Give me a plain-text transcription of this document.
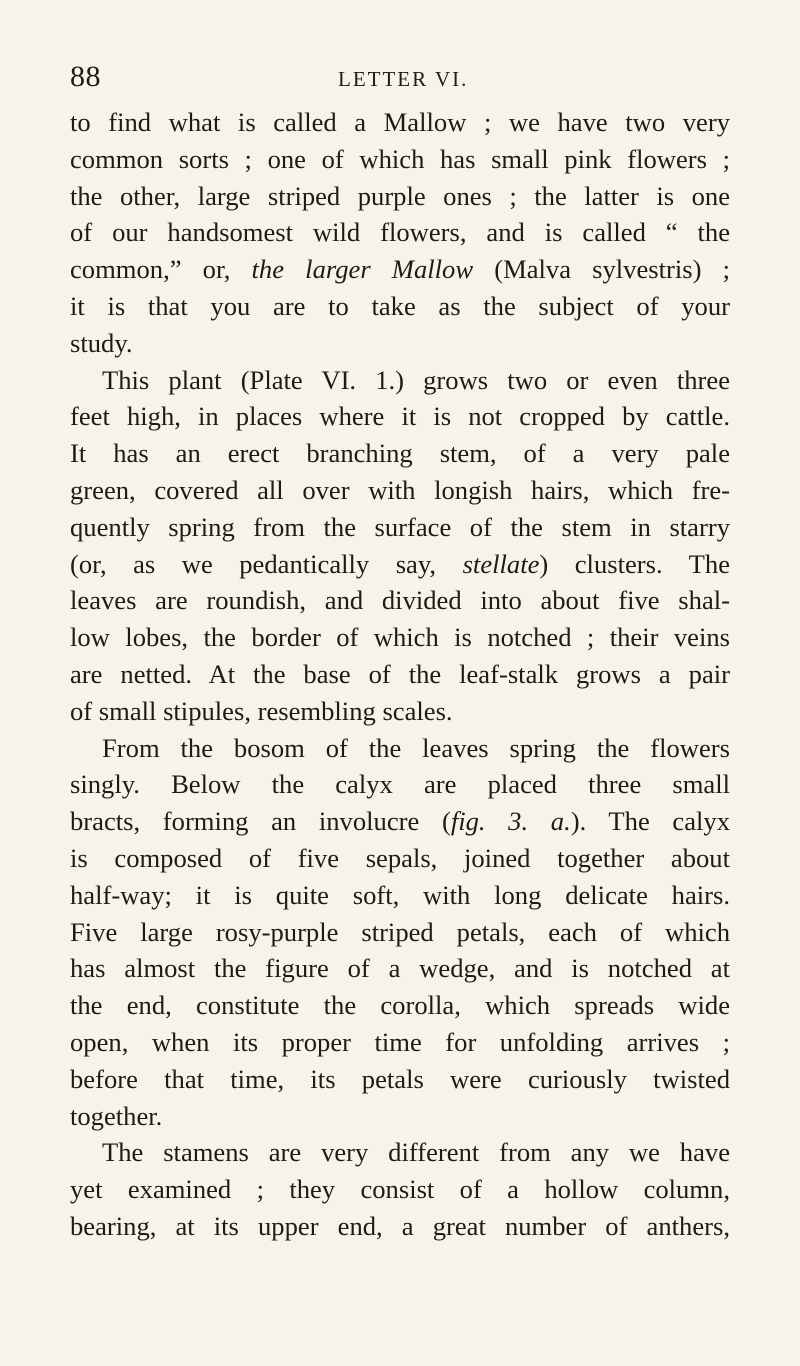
88	LETTER VI.
to find what is called a Mallow ; we have two very
common sorts ; one of which has small pink flowers ;
the other, large striped purple ones ; the latter is one
of our handsomest wild flowers, and is called “ the
common,” or, the larger Mallow (Malva sylvestris) ;
it is that you are to take as the subject of your
study.
This plant (Plate VI. 1.) grows two or even three
feet high, in places where it is not cropped by cattle.
It has an erect branching stem, of a very pale
green, covered all over with longish hairs, which fre-
quently spring from the surface of the stem in starry
(or, as we pedantically say, stellate) clusters. The
leaves are roundish, and divided into about five shal-
low lobes, the border of which is notched ; their veins
are netted. At the base of the leaf-stalk grows a pair
of small stipules, resembling scales.
From the bosom of the leaves spring the flowers
singly. Below the calyx are placed three small
bracts, forming an involucre (fig. 3. a.). The calyx
is composed of five sepals, joined together about
half-way; it is quite soft, with long delicate hairs.
Five large rosy-purple striped petals, each of which
has almost the figure of a wedge, and is notched at
the end, constitute the corolla, which spreads wide
open, when its proper time for unfolding arrives ;
before that time, its petals were curiously twisted
together.
The stamens are very different from any we have
yet examined ; they consist of a hollow column,
bearing, at its upper end, a great number of anthers,
